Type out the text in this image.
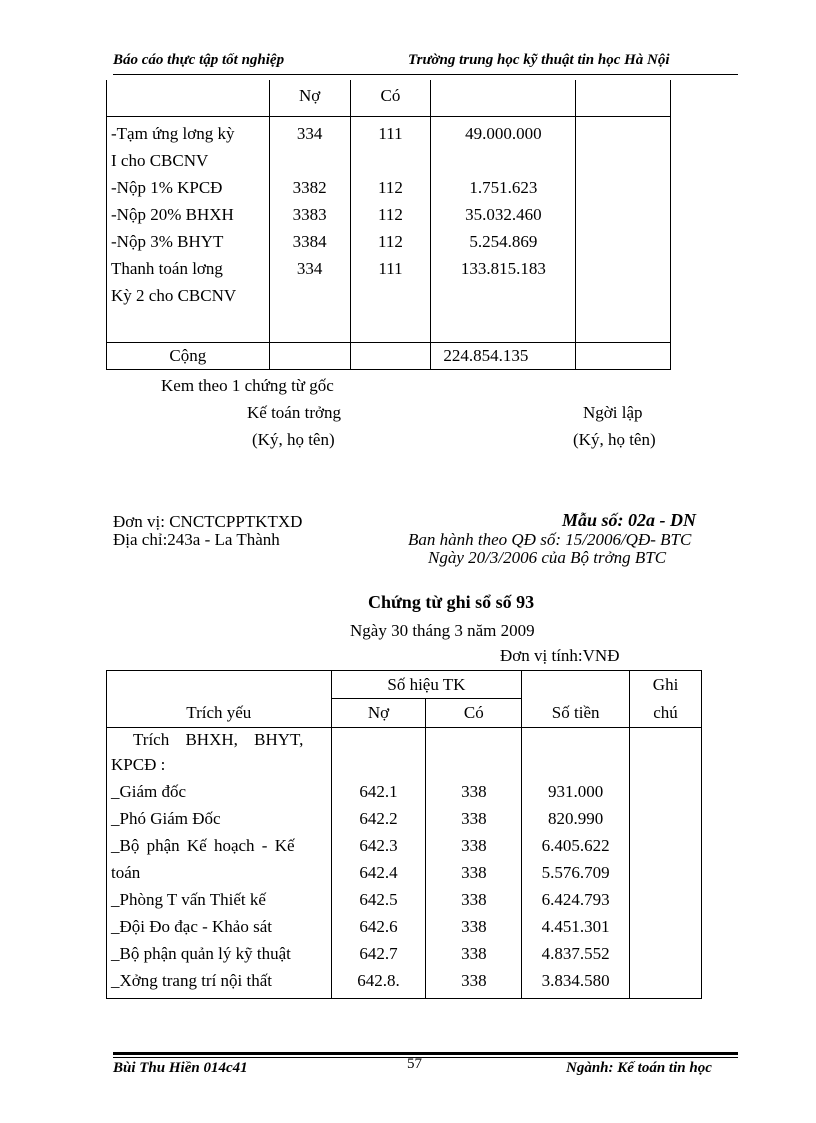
Báo cáo thực tập tốt nghiệp	Trường trung học kỹ thuật tin học Hà Nội
	Nợ	Có		

-Tạm ứng lơng kỳ	334	111	49.000.000	
I cho CBCNV				
-Nộp 1% KPCĐ	3382	112	1.751.623	
-Nộp 20% BHXH	3383	112	35.032.460	
-Nộp 3% BHYT	3384	112	5.254.869	
Thanh toán lơng	334	111	133.815.183	
Kỳ 2 cho CBCNV				

Cộng			224.854.135	
Kem theo 1 chứng từ gốc
Kế toán trởng
(Ký, họ tên)
Ngời lập
(Ký, họ tên)
Đơn vị: CNCTCPPTKTXD
Địa chỉ:243a - La Thành
Mẫu số: 02a - DN
Ban hành theo QĐ số: 15/2006/QĐ- BTC
Ngày 20/3/2006 của Bộ trởng BTC
Chứng từ ghi sổ số 93
Ngày 30 tháng 3 năm 2009
Đơn vị tính:VNĐ
Trích yếu	Số hiệu TK		Số tiền	Ghi
	Nợ	Có		chú
Trích BHXH, BHYT,				
KPCĐ :				
_Giám đốc	642.1	338	931.000	
_Phó Giám Đốc	642.2	338	820.990	
_Bộ phận Kế hoạch - Kế	642.3	338	6.405.622	
toán	642.4	338	5.576.709	
_Phòng T vấn Thiết kế	642.5	338	6.424.793	
_Đội Đo đạc - Khảo sát	642.6	338	4.451.301	
_Bộ phận quản lý kỹ thuật	642.7	338	4.837.552	
_Xởng trang trí nội thất	642.8.	338	3.834.580	
Bùi Thu Hiền 014c41	57	Ngành: Kế toán tin học
